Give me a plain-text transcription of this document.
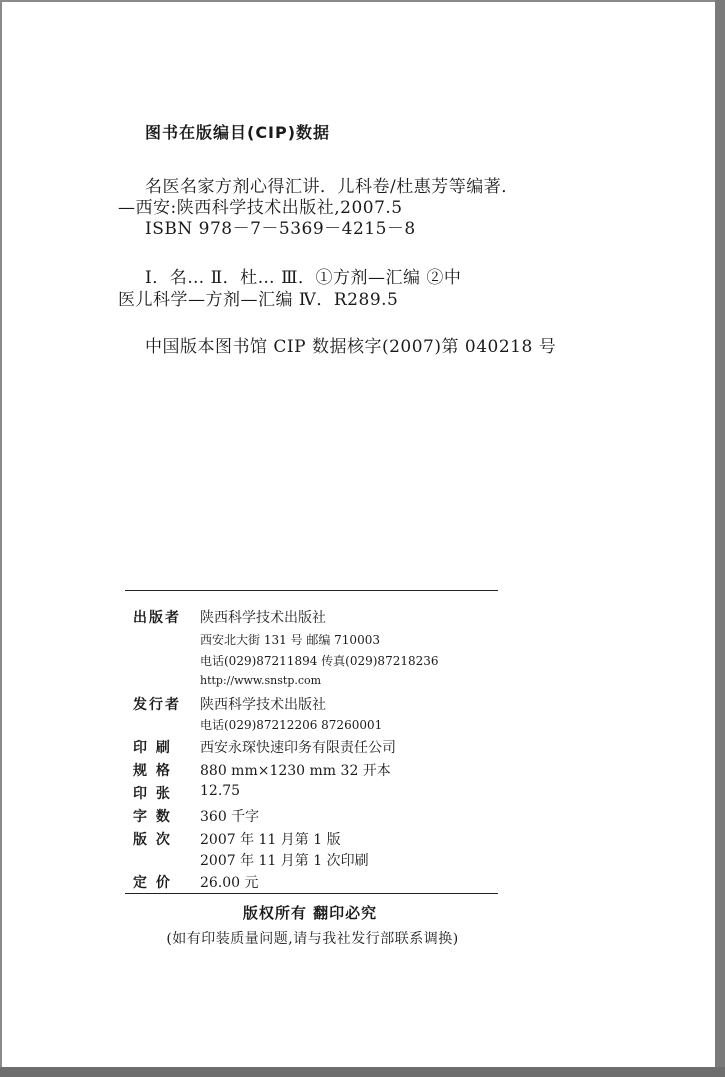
图书在版编目(CIP)数据
名医名家方剂心得汇讲．儿科卷/杜惠芳等编著．
—西安:陕西科学技术出版社,2007.5
ISBN 978－7－5369－4215－8
Ⅰ．名… Ⅱ．杜… Ⅲ．①方剂—汇编 ②中
医儿科学—方剂—汇编 Ⅳ．R289.5
中国版本图书馆 CIP 数据核字(2007)第 040218 号
出版者 陕西科学技术出版社
西安北大街 131 号 邮编 710003
电话(029)87211894 传真(029)87218236
http://www.snstp.com
发行者 陕西科学技术出版社
电话(029)87212206 87260001
印 刷	西安永琛快速印务有限责任公司
规 格	880 mm×1230 mm 32 开本
印 张	12.75
字 数	360 千字
版 次	2007 年 11 月第 1 版
2007 年 11 月第 1 次印刷
定 价	26.00 元
版权所有 翻印必究
(如有印装质量问题,请与我社发行部联系调换)
